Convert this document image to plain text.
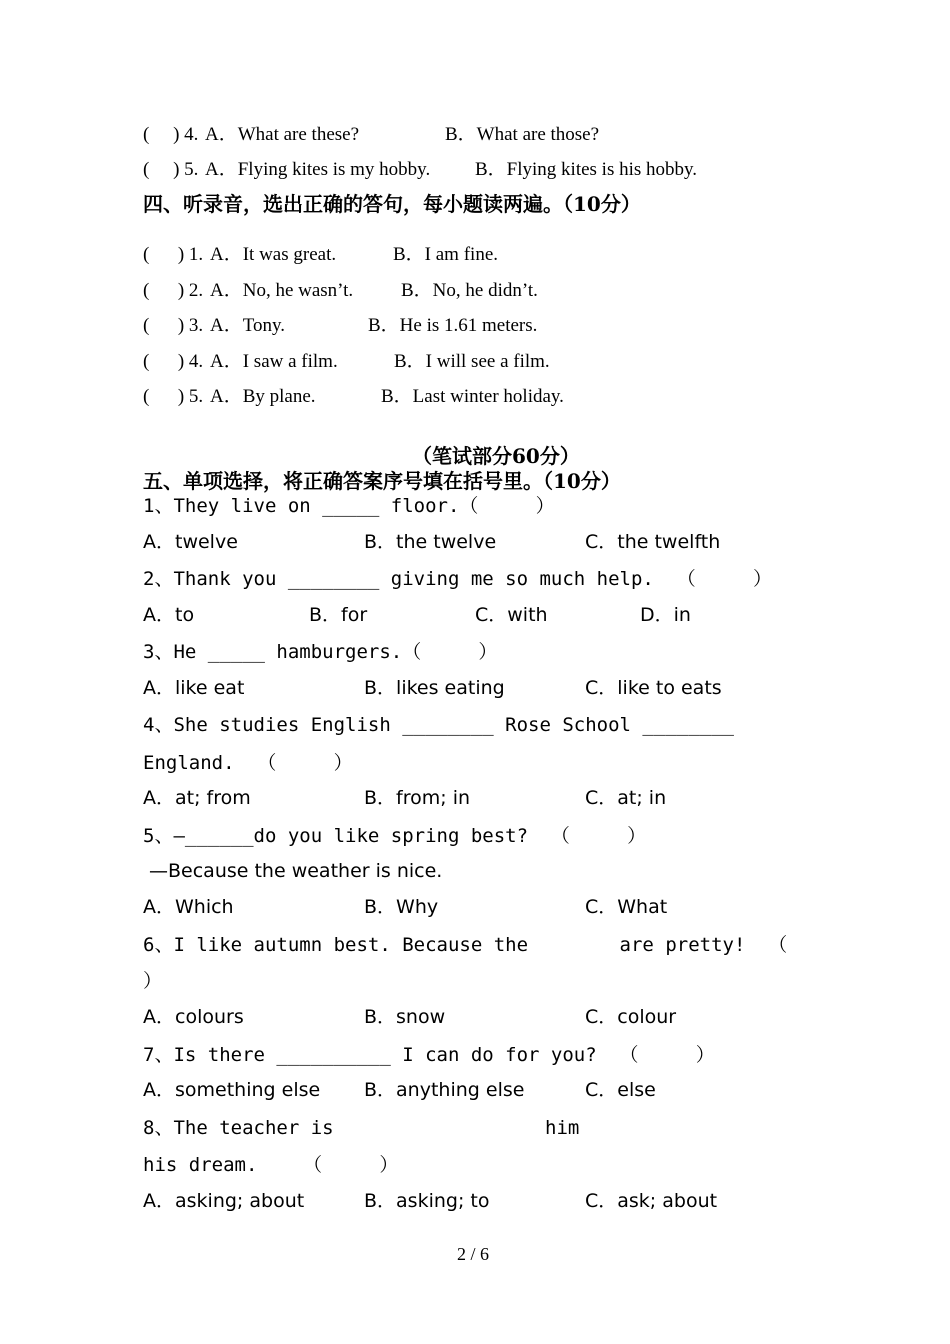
(     ) 4. A．What are these?	B．What are those?
(     ) 5. A．Flying kites is my hobby. B．Flying kites is his hobby.
四、听录音，选出正确的答句，每小题读两遍。（10分）
(      ) 1. A．It was great.	B．I am fine.
(      ) 2. A．No, he wasn’t.	B．No, he didn’t.
(      ) 3. A．Tony.	B．He is 1.61 meters.
(      ) 4. A．I saw a film.	B．I will see a film.
(      ) 5. A．By plane.	B．Last winter holiday.
（笔试部分60分）
五、单项选择，将正确答案序号填在括号里。（10分）
1、They live on _____ floor.（     ）
A．twelve	B．the twelve	C．the twelfth
2、Thank you ________ giving me so much help.  （     ）
A．to	B．for	C．with	D．in
3、He _____ hamburgers.（     ）
A．like eat	B．likes eating	C．like to eats
4、She studies English ________ Rose School ________
England.  （     ）
A．at; from	B．from; in	C．at; in
5、—______do you like spring best?  （     ）
—Because the weather is nice.
A．Which	B．Why	C．What
6、I like autumn best. Because the        are pretty!  （
）
A．colours	B．snow	C．colour
7、Is there __________ I can do for you?  （     ）
A．something else B．anything else	C．else
8、The teacher is	him
his dream.    （     ）
A．asking; about	B．asking; to	C．ask; about
2 / 6
